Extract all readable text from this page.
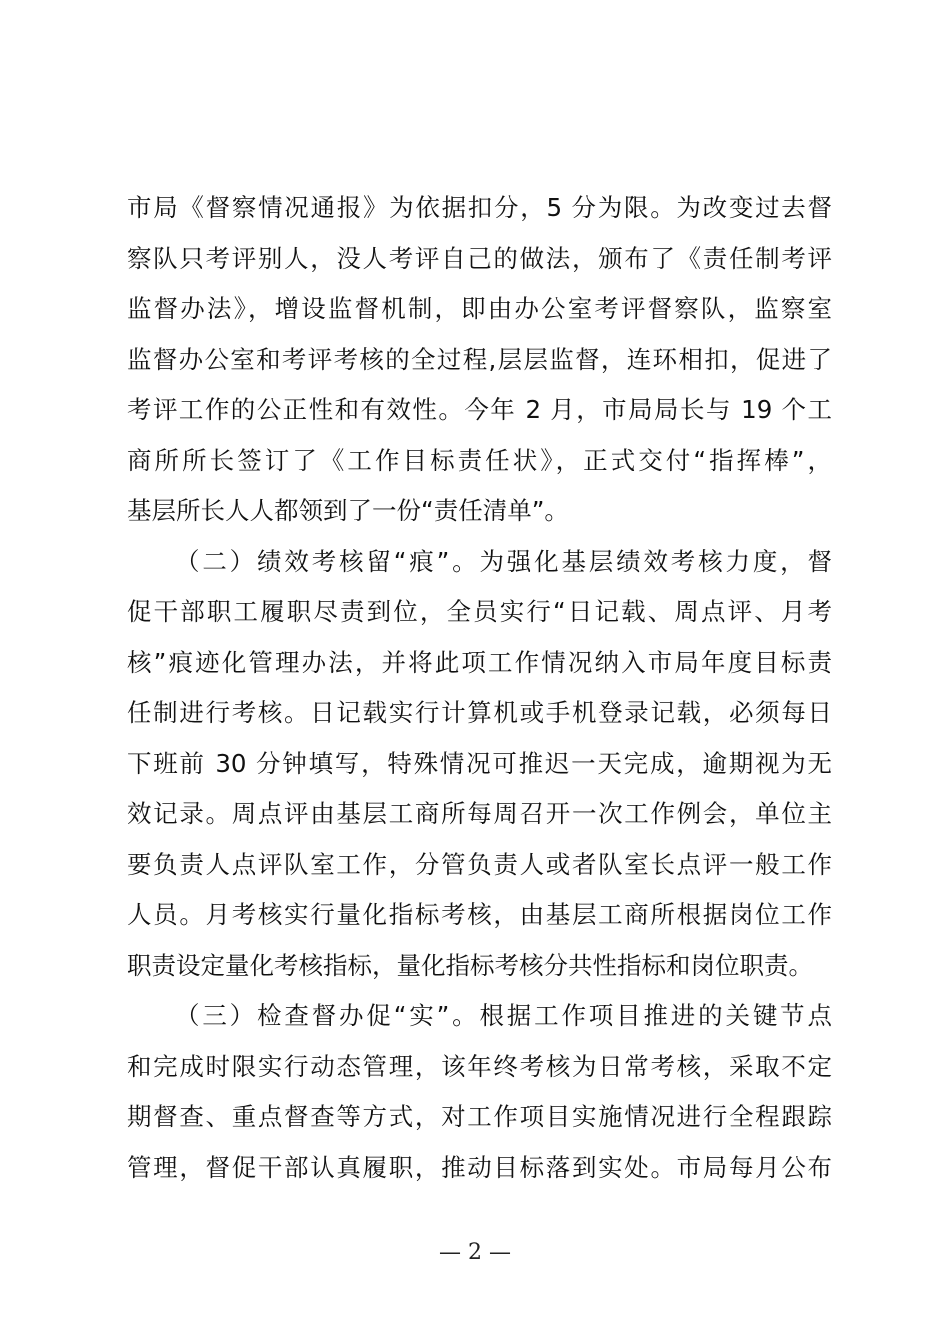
市局《督察情况通报》为依据扣分，5 分为限。为改变过去督
察队只考评别人，没人考评自己的做法，颁布了《责任制考评
监督办法》，增设监督机制，即由办公室考评督察队，监察室
监督办公室和考评考核的全过程,层层监督，连环相扣，促进了
考评工作的公正性和有效性。今年 2 月，市局局长与 19 个工
商所所长签订了《工作目标责任状》，正式交付“指挥棒”，
基层所长人人都领到了一份“责任清单”。
（二）绩效考核留“痕”。为强化基层绩效考核力度，督
促干部职工履职尽责到位，全员实行“日记载、周点评、月考
核”痕迹化管理办法，并将此项工作情况纳入市局年度目标责
任制进行考核。日记载实行计算机或手机登录记载，必须每日
下班前 30 分钟填写，特殊情况可推迟一天完成，逾期视为无
效记录。周点评由基层工商所每周召开一次工作例会，单位主
要负责人点评队室工作，分管负责人或者队室长点评一般工作
人员。月考核实行量化指标考核，由基层工商所根据岗位工作
职责设定量化考核指标，量化指标考核分共性指标和岗位职责。
（三）检查督办促“实”。根据工作项目推进的关键节点
和完成时限实行动态管理，该年终考核为日常考核，采取不定
期督查、重点督查等方式，对工作项目实施情况进行全程跟踪
管理，督促干部认真履职，推动目标落到实处。市局每月公布
— 2 —
